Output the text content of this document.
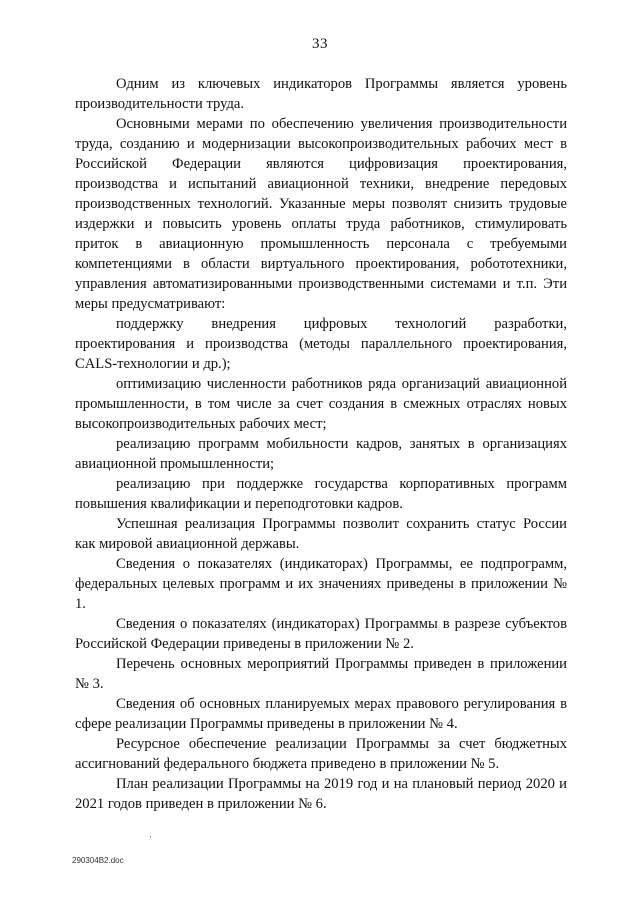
33

Одним из ключевых индикаторов Программы является уровень производительности труда.

Основными мерами по обеспечению увеличения производительности труда, созданию и модернизации высокопроизводительных рабочих мест в Российской Федерации являются цифровизация проектирования, производства и испытаний авиационной техники, внедрение передовых производственных технологий. Указанные меры позволят снизить трудовые издержки и повысить уровень оплаты труда работников, стимулировать приток в авиационную промышленность персонала с требуемыми компетенциями в области виртуального проектирования, робототехники, управления автоматизированными производственными системами и т.п. Эти меры предусматривают:

поддержку внедрения цифровых технологий разработки, проектирования и производства (методы параллельного проектирования, CALS-технологии и др.);

оптимизацию численности работников ряда организаций авиационной промышленности, в том числе за счет создания в смежных отраслях новых высокопроизводительных рабочих мест;

реализацию программ мобильности кадров, занятых в организациях авиационной промышленности;

реализацию при поддержке государства корпоративных программ повышения квалификации и переподготовки кадров.

Успешная реализация Программы позволит сохранить статус России как мировой авиационной державы.

Сведения о показателях (индикаторах) Программы, ее подпрограмм, федеральных целевых программ и их значениях приведены в приложении № 1.

Сведения о показателях (индикаторах) Программы в разрезе субъектов Российской Федерации приведены в приложении № 2.

Перечень основных мероприятий Программы приведен в приложении № 3.

Сведения об основных планируемых мерах правового регулирования в сфере реализации Программы приведены в приложении № 4.

Ресурсное обеспечение реализации Программы за счет бюджетных ассигнований федерального бюджета приведено в приложении № 5.

План реализации Программы на 2019 год и на плановый период 2020 и 2021 годов приведен в приложении № 6.

290304B2.doc
